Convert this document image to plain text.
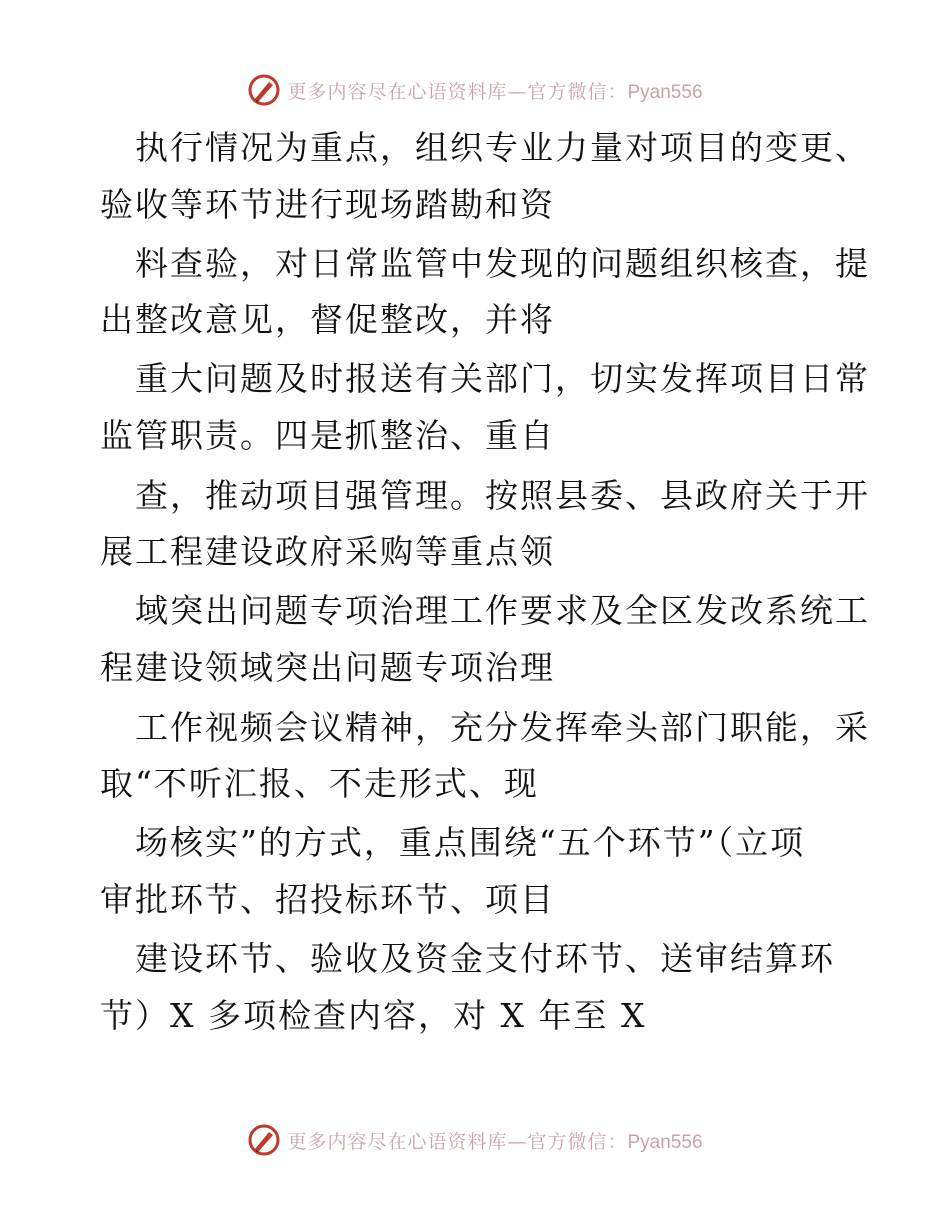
更多内容尽在心语资料库—官方微信：Pyan556
执行情况为重点，组织专业力量对项目的变更、
验收等环节进行现场踏勘和资
料查验，对日常监管中发现的问题组织核查，提
出整改意见，督促整改，并将
重大问题及时报送有关部门，切实发挥项目日常
监管职责。四是抓整治、重自
查，推动项目强管理。按照县委、县政府关于开
展工程建设政府采购等重点领
域突出问题专项治理工作要求及全区发改系统工
程建设领域突出问题专项治理
工作视频会议精神，充分发挥牵头部门职能，采
取“不听汇报、不走形式、现
场核实”的方式，重点围绕“五个环节”（立项
审批环节、招投标环节、项目
建设环节、验收及资金支付环节、送审结算环
节）X 多项检查内容，对 X 年至 X
更多内容尽在心语资料库—官方微信：Pyan556
